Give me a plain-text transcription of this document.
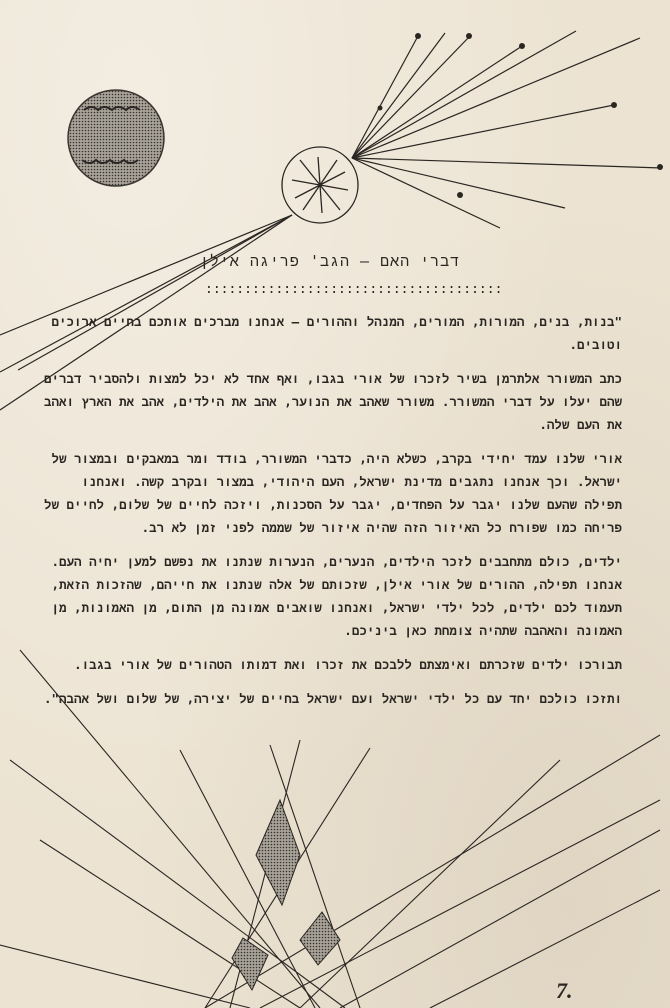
דברי האם – הגב' פריגה אילן
::::::::::::::::::::::::::::::::::::::

"בנות, בנים, המורות, המורים, המנהל וההורים – אנחנו מברכים אותכם בחיים ארוכים וטובים.

כתב המשורר אלתרמן בשיר לזכרו של אורי בגבו, ואף אחד לא יכל למצות ולהסביר דברים שהם יעלו על דברי המשורר. משורר שאהב את הנוער, אהב את הילדים, אהב את הארץ ואהב את העם שלה.

אורי שלנו עמד יחידי בקרב, כשלא היה, כדברי המשורר, בודד ומר במאבקים ובמצור של ישראל. וכך אנחנו נתגבים מדינת ישראל, העם היהודי, במצור ובקרב קשה. ואנחנו תפילה שהעם שלנו יגבר על הפחדים, יגבר על הסכנות, ויזכה לחיים של שלום, לחיים של פריחה כמו שפורח כל האיזור הזה שהיה איזור של שממה לפני זמן לא רב.

ילדים, כולם מתחבבים לזכר הילדים, הנערים, הנערות שנתנו את נפשם למען יחיה העם. אנחנו תפילה, ההורים של אורי אילן, שזכותם של אלה שנתנו את חייהם, שהזכות הזאת, תעמוד לכם ילדים, לכל ילדי ישראל, ואנחנו שואבים אמונה מן התום, מן האמונות, מן האמונה והאהבה שתהיה צומחת כאן ביניכם.

תבורכו ילדים שזכרתם ואימצתם ללבכם את זכרו ואת דמותו הטהורים של אורי בגבו.

ותזכו כולכם יחד עם כל ילדי ישראל ועם ישראל בחיים של יצירה, של שלום ושל אהבה".

7.
